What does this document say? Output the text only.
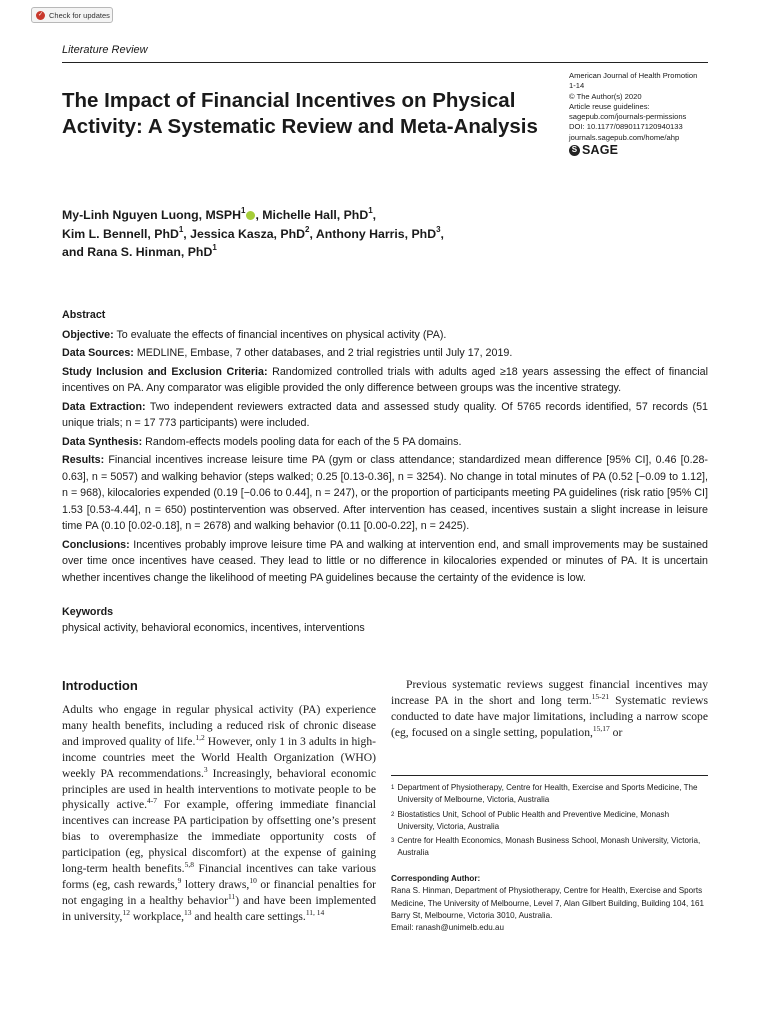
✓ Check for updates
Literature Review
The Impact of Financial Incentives on Physical Activity: A Systematic Review and Meta-Analysis
American Journal of Health Promotion
1-14
© The Author(s) 2020
Article reuse guidelines:
sagepub.com/journals-permissions
DOI: 10.1177/0890117120940133
journals.sagepub.com/home/ahp
S SAGE

My-Linh Nguyen Luong, MSPH$^1$ , Michelle Hall, PhD$^1$,
Kim L. Bennell, PhD$^1$, Jessica Kasza, PhD$^2$, Anthony Harris, PhD$^3$,
and Rana S. Hinman, PhD$^1$

Abstract

Objective: To evaluate the effects of financial incentives on physical activity (PA).

Data Sources: MEDLINE, Embase, 7 other databases, and 2 trial registries until July 17, 2019.

Study Inclusion and Exclusion Criteria: Randomized controlled trials with adults aged ≥18 years assessing the effect of financial incentives on PA. Any comparator was eligible provided the only difference between groups was the incentive strategy.

Data Extraction: Two independent reviewers extracted data and assessed study quality. Of 5765 records identified, 57 records (51 unique trials; n = 17 773 participants) were included.

Data Synthesis: Random-effects models pooling data for each of the 5 PA domains.

Results: Financial incentives increase leisure time PA (gym or class attendance; standardized mean difference [95% CI], 0.46 [0.28-0.63], n = 5057) and walking behavior (steps walked; 0.25 [0.13-0.36], n = 3254). No change in total minutes of PA (0.52 [−0.09 to 1.12], n = 968), kilocalories expended (0.19 [−0.06 to 0.44], n = 247), or the proportion of participants meeting PA guidelines (risk ratio [95% CI] 1.53 [0.53-4.44], n = 650) postintervention was observed. After intervention has ceased, incentives sustain a slight increase in leisure time PA (0.10 [0.02-0.18], n = 2678) and walking behavior (0.11 [0.00-0.22], n = 2425).

Conclusions: Incentives probably improve leisure time PA and walking at intervention end, and small improvements may be sustained over time once incentives have ceased. They lead to little or no difference in kilocalories expended or minutes of PA. It is uncertain whether incentives change the likelihood of meeting PA guidelines because the certainty of the evidence is low.

Keywords
physical activity, behavioral economics, incentives, interventions
Introduction
Adults who engage in regular physical activity (PA) experience many health benefits, including a reduced risk of chronic disease and improved quality of life.$^{1,2}$ However, only 1 in 3 adults in high-income countries meet the World Health Organization (WHO) weekly PA recommendations.$^3$ Increasingly, behavioral economic principles are used in health interventions to motivate people to be physically active.$^{4-7}$ For example, offering immediate financial incentives can increase PA participation by offsetting one’s present bias to overemphasize the immediate opportunity costs of participation (eg, physical discomfort) at the expense of gaining long-term health benefits.$^{5,8}$ Financial incentives can take various forms (eg, cash rewards,$^9$ lottery draws,$^{10}$ or financial penalties for not engaging in a healthy behavior$^{11}$) and have been implemented in university,$^{12}$ workplace,$^{13}$ and health care settings.$^{11, 14}$
Previous systematic reviews suggest financial incentives may increase PA in the short and long term.$^{15-21}$ Systematic reviews conducted to date have major limitations, including a narrow scope (eg, focused on a single setting, population,$^{15,17}$ or
1 Department of Physiotherapy, Centre for Health, Exercise and Sports Medicine, The University of Melbourne, Victoria, Australia
2 Biostatistics Unit, School of Public Health and Preventive Medicine, Monash University, Victoria, Australia
3 Centre for Health Economics, Monash Business School, Monash University, Victoria, Australia
Corresponding Author:
Rana S. Hinman, Department of Physiotherapy, Centre for Health, Exercise and Sports Medicine, The University of Melbourne, Level 7, Alan Gilbert Building, Building 104, 161 Barry St, Melbourne, Victoria 3010, Australia.
Email: ranash@unimelb.edu.au
